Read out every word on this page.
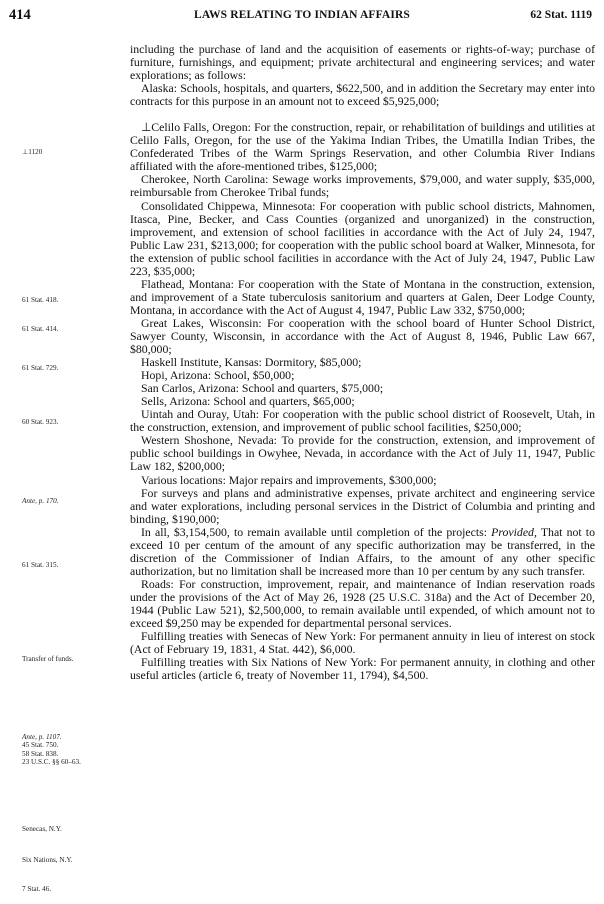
414	LAWS RELATING TO INDIAN AFFAIRS	62 Stat. 1119
⊥1120
61 Stat. 418.
61 Stat. 414.
61 Stat. 729.
60 Stat. 923.
Ante, p. 170.
61 Stat. 315.
Transfer of funds.
Ante, p. 1107.
45 Stat. 750.
58 Stat. 838.
23 U.S.C. §§ 60–63.
Senecas, N.Y.
Six Nations, N.Y.
7 Stat. 46.

including the purchase of land and the acquisition of easements or rights-of-way; purchase of furniture, furnishings, and equipment; private architectural and engineering services; and water explorations; as follows:

Alaska: Schools, hospitals, and quarters, $622,500, and in addition the Secretary may enter into contracts for this purpose in an amount not to exceed $5,925,000;

⊥Celilo Falls, Oregon: For the construction, repair, or rehabilitation of buildings and utilities at Celilo Falls, Oregon, for the use of the Yakima Indian Tribes, the Umatilla Indian Tribes, the Confederated Tribes of the Warm Springs Reservation, and other Columbia River Indians affiliated with the afore-mentioned tribes, $125,000;

Cherokee, North Carolina: Sewage works improvements, $79,000, and water supply, $35,000, reimbursable from Cherokee Tribal funds;

Consolidated Chippewa, Minnesota: For cooperation with public school districts, Mahnomen, Itasca, Pine, Becker, and Cass Counties (organized and unorganized) in the construction, improvement, and extension of school facilities in accordance with the Act of July 24, 1947, Public Law 231, $213,000; for cooperation with the public school board at Walker, Minnesota, for the extension of public school facilities in accordance with the Act of July 24, 1947, Public Law 223, $35,000;

Flathead, Montana: For cooperation with the State of Montana in the construction, extension, and improvement of a State tuberculosis sanitorium and quarters at Galen, Deer Lodge County, Montana, in accordance with the Act of August 4, 1947, Public Law 332, $750,000;

Great Lakes, Wisconsin: For cooperation with the school board of Hunter School District, Sawyer County, Wisconsin, in accordance with the Act of August 8, 1946, Public Law 667, $80,000;

Haskell Institute, Kansas: Dormitory, $85,000;

Hopi, Arizona: School, $50,000;

San Carlos, Arizona: School and quarters, $75,000;

Sells, Arizona: School and quarters, $65,000;

Uintah and Ouray, Utah: For cooperation with the public school district of Roosevelt, Utah, in the construction, extension, and improvement of public school facilities, $250,000;

Western Shoshone, Nevada: To provide for the construction, extension, and improvement of public school buildings in Owyhee, Nevada, in accordance with the Act of July 11, 1947, Public Law 182, $200,000;

Various locations: Major repairs and improvements, $300,000;

For surveys and plans and administrative expenses, private architect and engineering service and water explorations, including personal services in the District of Columbia and printing and binding, $190,000;

In all, $3,154,500, to remain available until completion of the projects: Provided, That not to exceed 10 per centum of the amount of any specific authorization may be transferred, in the discretion of the Commissioner of Indian Affairs, to the amount of any other specific authorization, but no limitation shall be increased more than 10 per centum by any such transfer.

Roads: For construction, improvement, repair, and maintenance of Indian reservation roads under the provisions of the Act of May 26, 1928 (25 U.S.C. 318a) and the Act of December 20, 1944 (Public Law 521), $2,500,000, to remain available until expended, of which amount not to exceed $9,250 may be expended for departmental personal services.

Fulfilling treaties with Senecas of New York: For permanent annuity in lieu of interest on stock (Act of February 19, 1831, 4 Stat. 442), $6,000.

Fulfilling treaties with Six Nations of New York: For permanent annuity, in clothing and other useful articles (article 6, treaty of November 11, 1794), $4,500.
